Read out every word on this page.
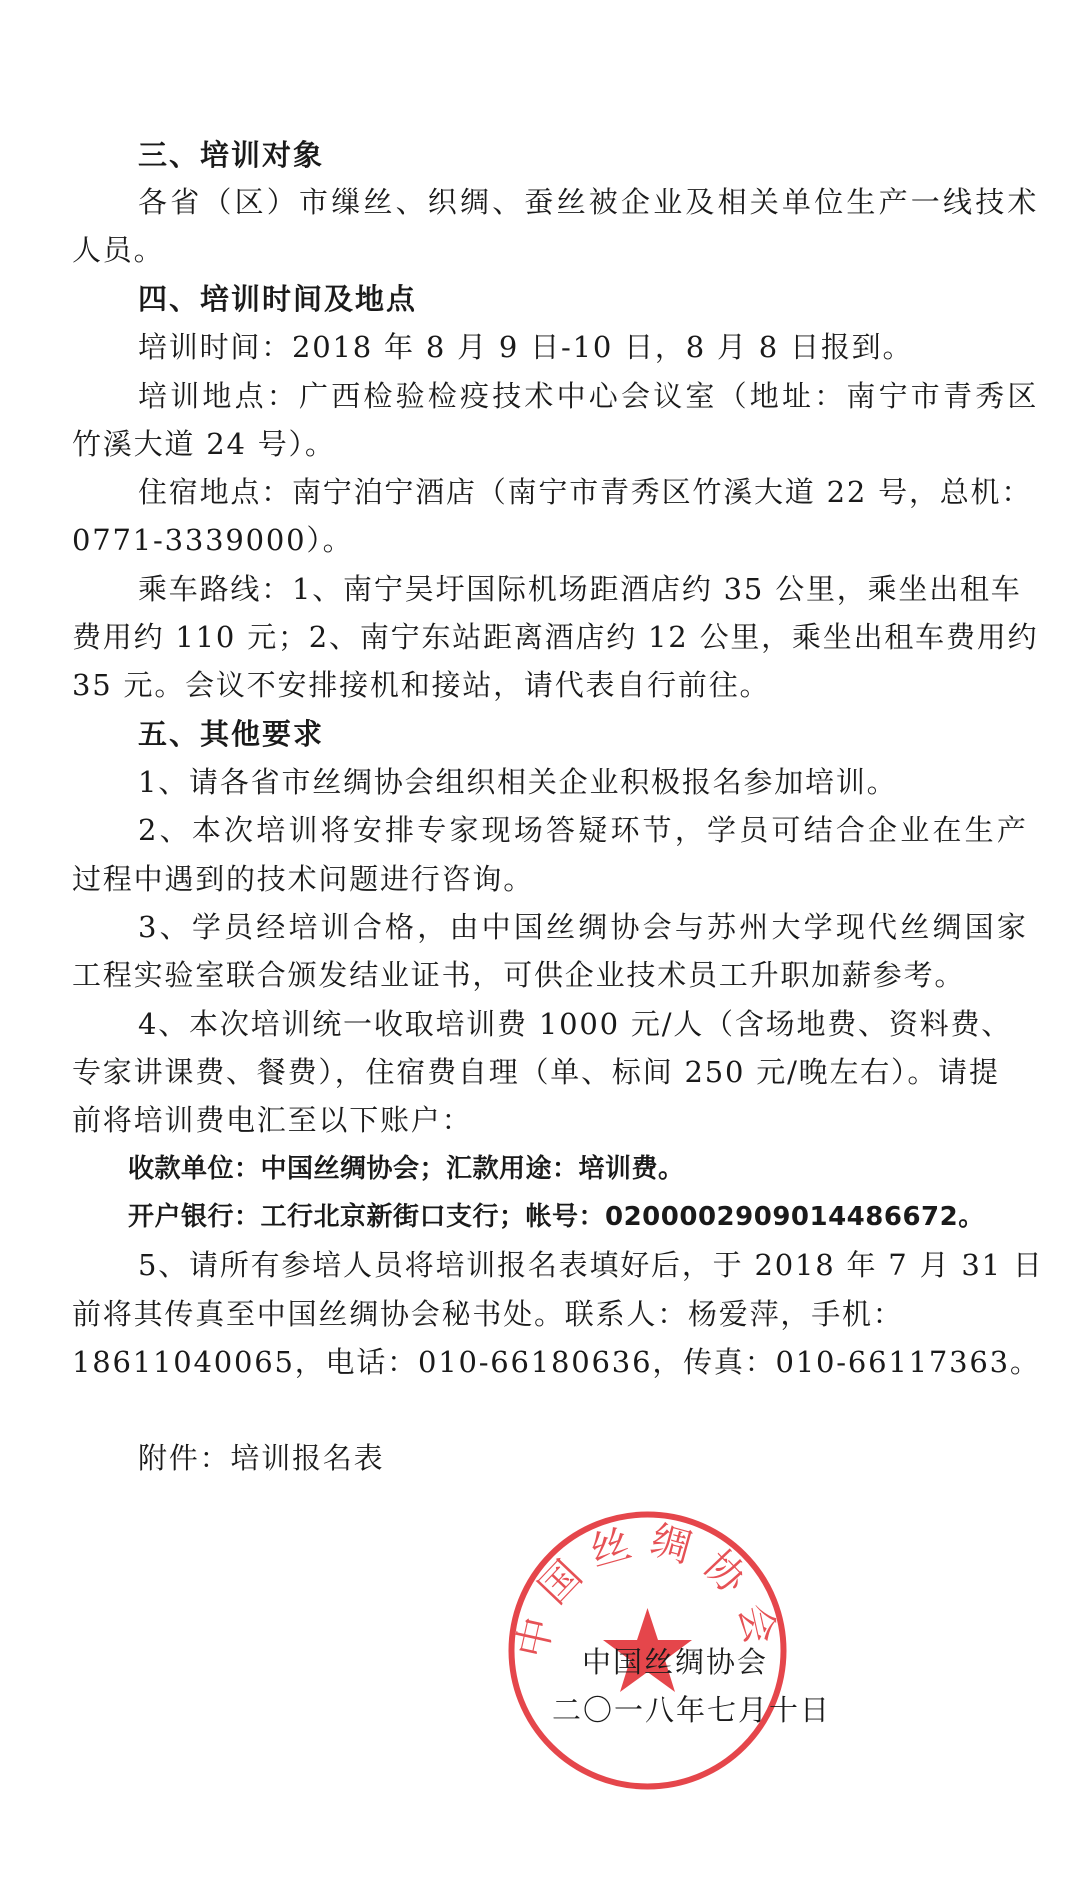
三、培训对象
各省（区）市缫丝、织绸、蚕丝被企业及相关单位生产一线技术
人员。
四、培训时间及地点
培训时间：2018 年 8 月 9 日-10 日，8 月 8 日报到。
培训地点：广西检验检疫技术中心会议室（地址：南宁市青秀区
竹溪大道 24 号）。
住宿地点：南宁泊宁酒店（南宁市青秀区竹溪大道 22 号，总机：
0771-3339000）。
乘车路线：1、南宁吴圩国际机场距酒店约 35 公里，乘坐出租车
费用约 110 元；2、南宁东站距离酒店约 12 公里，乘坐出租车费用约
35 元。会议不安排接机和接站，请代表自行前往。
五、其他要求
1、请各省市丝绸协会组织相关企业积极报名参加培训。
2、本次培训将安排专家现场答疑环节，学员可结合企业在生产
过程中遇到的技术问题进行咨询。
3、学员经培训合格，由中国丝绸协会与苏州大学现代丝绸国家
工程实验室联合颁发结业证书，可供企业技术员工升职加薪参考。
4、本次培训统一收取培训费 1000 元/人（含场地费、资料费、
专家讲课费、餐费），住宿费自理（单、标间 250 元/晚左右）。请提
前将培训费电汇至以下账户：
收款单位：中国丝绸协会；汇款用途：培训费。
开户银行：工行北京新街口支行；帐号：0200002909014486672。
5、请所有参培人员将培训报名表填好后，于 2018 年 7 月 31 日
前将其传真至中国丝绸协会秘书处。联系人：杨爱萍，手机：
18611040065，电话：010-66180636，传真：010-66117363。
附件：培训报名表
中国丝绸协会
中国丝绸协会
二〇一八年七月十日
